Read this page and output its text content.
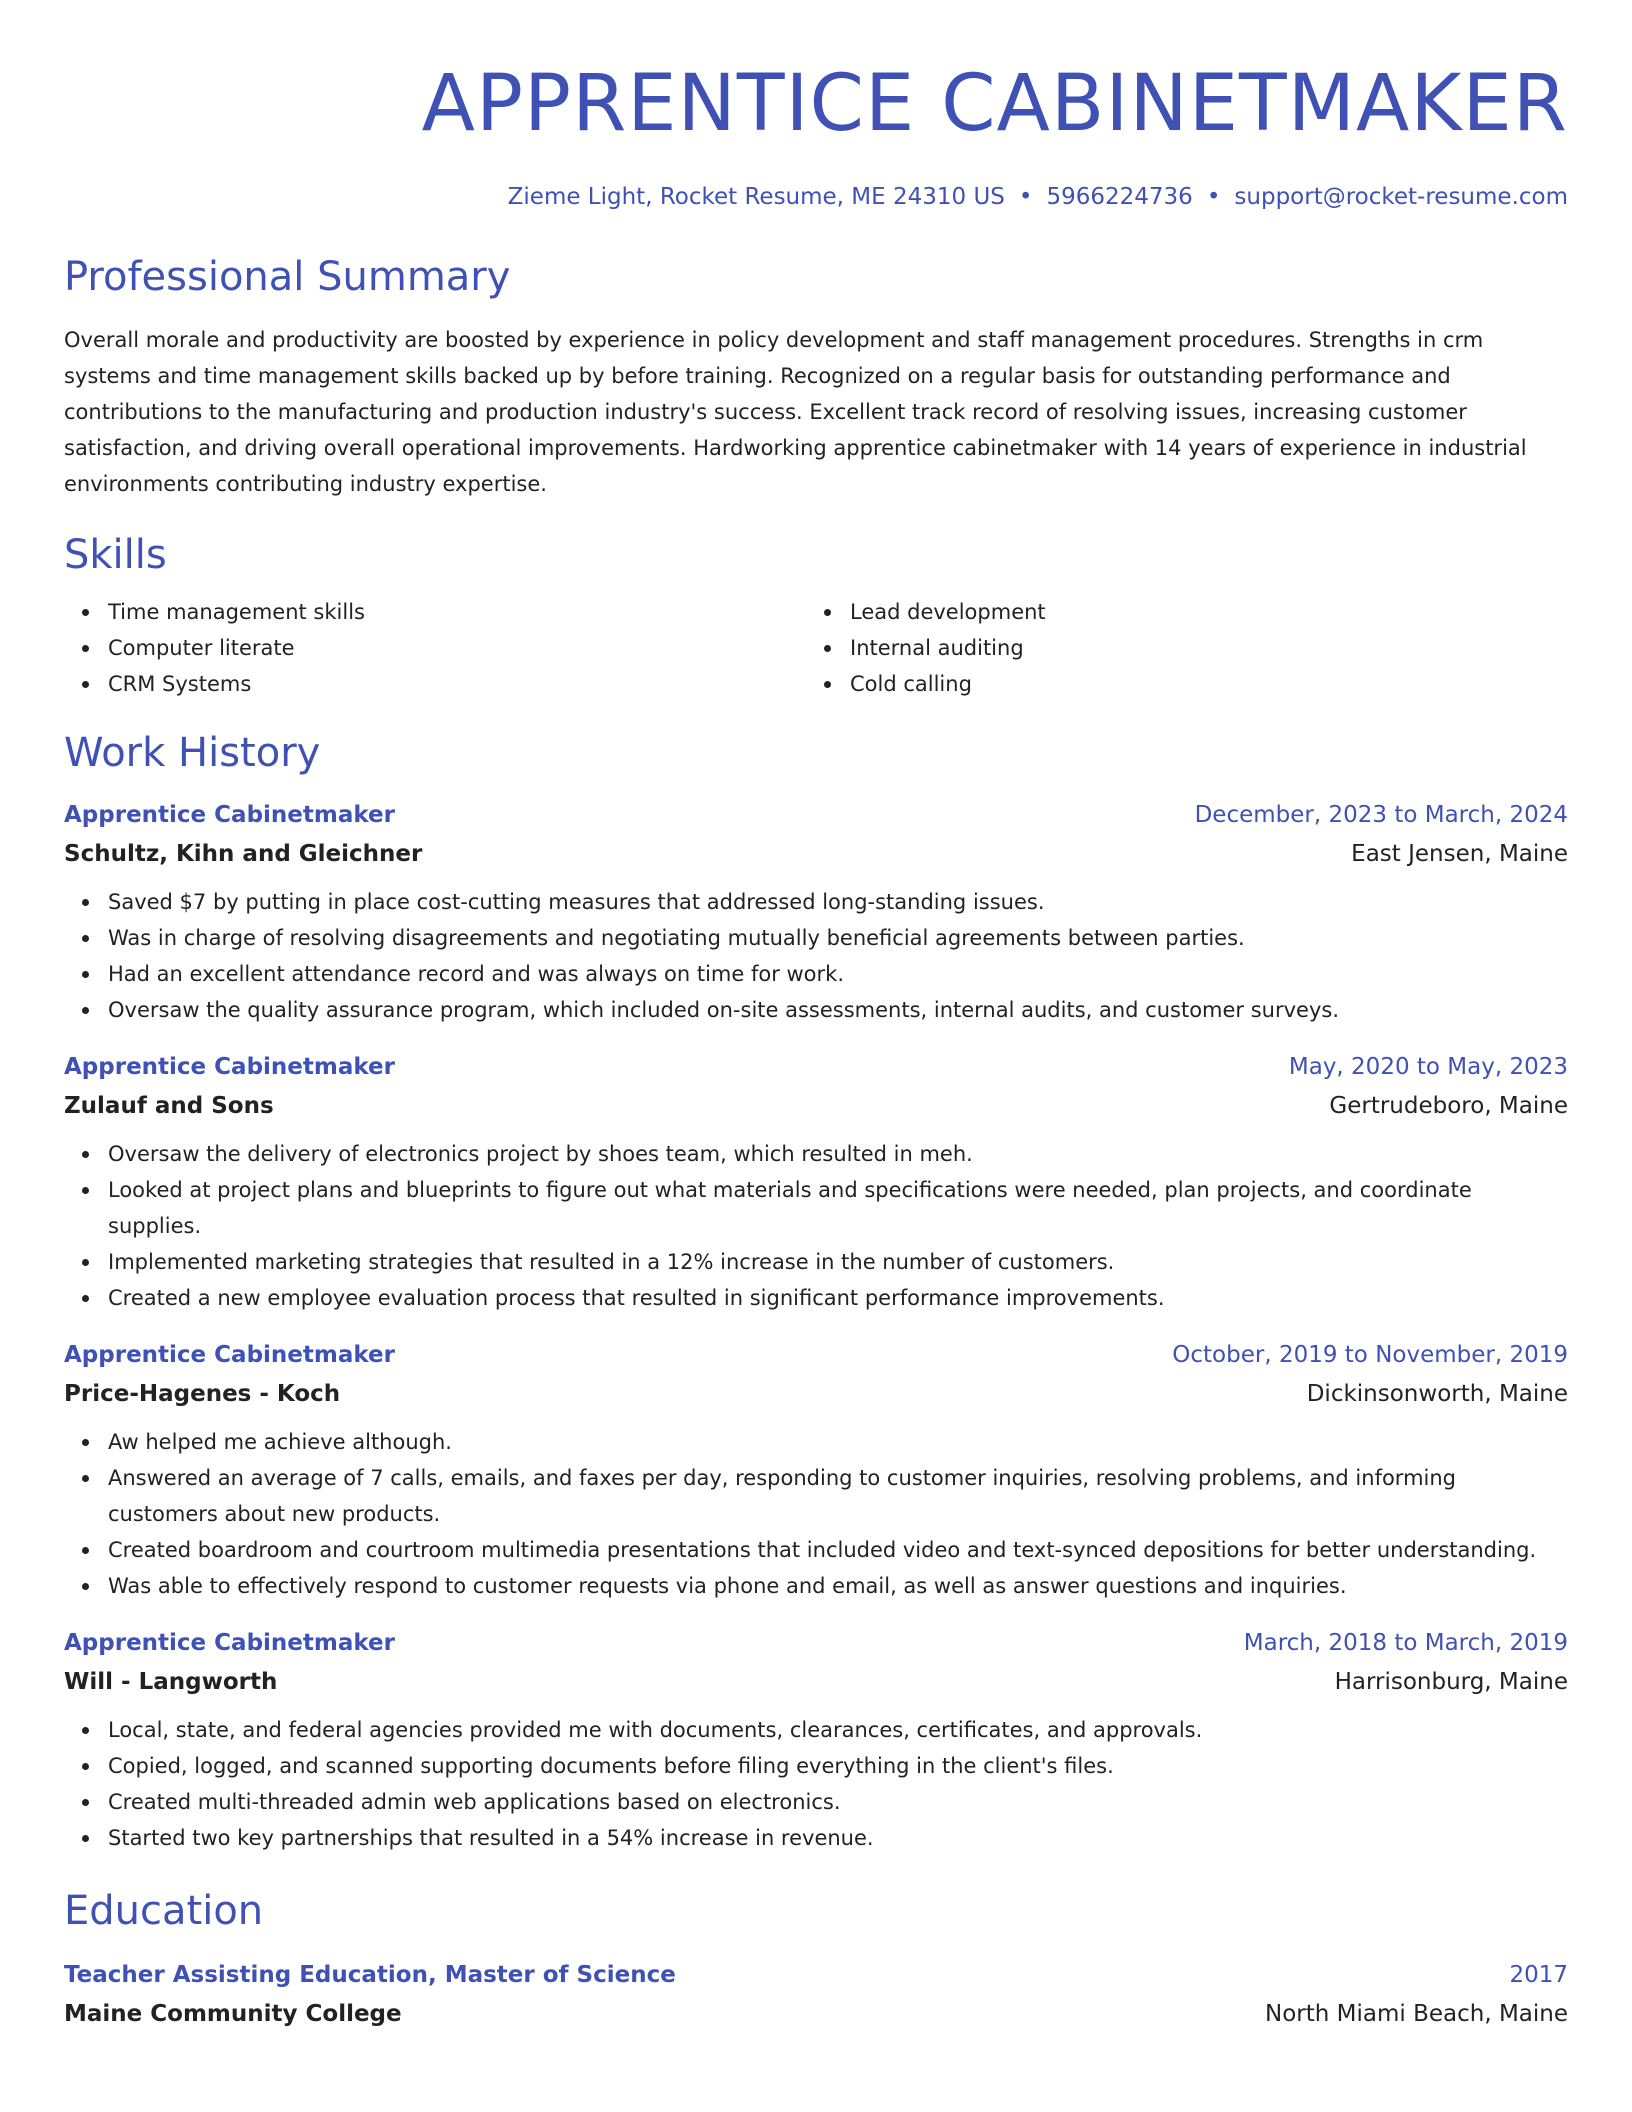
APPRENTICE CABINETMAKER
Zieme Light, Rocket Resume, ME 24310 US • 5966224736 • support@rocket-resume.com
Professional Summary
Overall morale and productivity are boosted by experience in policy development and staff management procedures. Strengths in crm systems and time management skills backed up by before training. Recognized on a regular basis for outstanding performance and contributions to the manufacturing and production industry's success. Excellent track record of resolving issues, increasing customer satisfaction, and driving overall operational improvements. Hardworking apprentice cabinetmaker with 14 years of experience in industrial environments contributing industry expertise.
Skills
Time management skills
Computer literate
CRM Systems
Lead development
Internal auditing
Cold calling
Work History
Apprentice Cabinetmaker	December, 2023 to March, 2024
Schultz, Kihn and Gleichner	East Jensen, Maine
Saved $7 by putting in place cost-cutting measures that addressed long-standing issues.
Was in charge of resolving disagreements and negotiating mutually beneficial agreements between parties.
Had an excellent attendance record and was always on time for work.
Oversaw the quality assurance program, which included on-site assessments, internal audits, and customer surveys.
Apprentice Cabinetmaker	May, 2020 to May, 2023
Zulauf and Sons	Gertrudeboro, Maine
Oversaw the delivery of electronics project by shoes team, which resulted in meh.
Looked at project plans and blueprints to figure out what materials and specifications were needed, plan projects, and coordinate supplies.
Implemented marketing strategies that resulted in a 12% increase in the number of customers.
Created a new employee evaluation process that resulted in significant performance improvements.
Apprentice Cabinetmaker	October, 2019 to November, 2019
Price-Hagenes - Koch	Dickinsonworth, Maine
Aw helped me achieve although.
Answered an average of 7 calls, emails, and faxes per day, responding to customer inquiries, resolving problems, and informing customers about new products.
Created boardroom and courtroom multimedia presentations that included video and text-synced depositions for better understanding.
Was able to effectively respond to customer requests via phone and email, as well as answer questions and inquiries.
Apprentice Cabinetmaker	March, 2018 to March, 2019
Will - Langworth	Harrisonburg, Maine
Local, state, and federal agencies provided me with documents, clearances, certificates, and approvals.
Copied, logged, and scanned supporting documents before filing everything in the client's files.
Created multi-threaded admin web applications based on electronics.
Started two key partnerships that resulted in a 54% increase in revenue.
Education
Teacher Assisting Education, Master of Science	2017
Maine Community College	North Miami Beach, Maine
